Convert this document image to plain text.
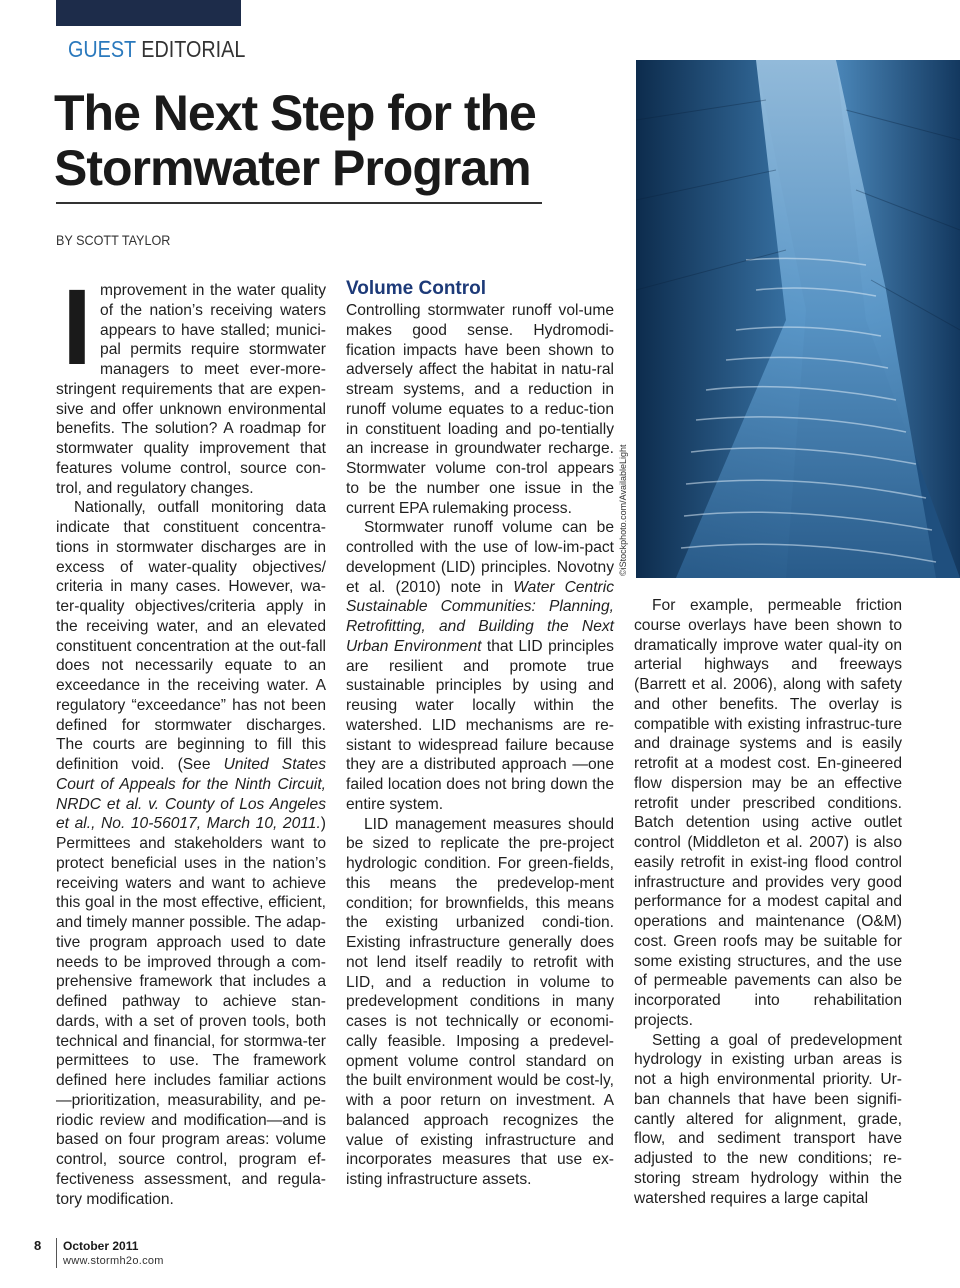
GUEST EDITORIAL
The Next Step for the
Stormwater Program
BY SCOTT TAYLOR

Improvement in the water quality of the nation’s receiving waters appears to have stalled; munici-pal permits require stormwater managers to meet ever-more-stringent requirements that are expen-sive and offer unknown environmental benefits. The solution? A roadmap for stormwater quality improvement that features volume control, source con-trol, and regulatory changes.

Nationally, outfall monitoring data indicate that constituent concentra-tions in stormwater discharges are in excess of water-quality objectives/ criteria in many cases. However, wa-ter-quality objectives/criteria apply in the receiving water, and an elevated constituent concentration at the out-fall does not necessarily equate to an exceedance in the receiving water. A regulatory “exceedance” has not been defined for stormwater discharges. The courts are beginning to fill this definition void. (See United States Court of Appeals for the Ninth Circuit, NRDC et al. v. County of Los Angeles et al., No. 10-56017, March 10, 2011.) Permittees and stakeholders want to protect beneficial uses in the nation’s receiving waters and want to achieve this goal in the most effective, efficient, and timely manner possible. The adap-tive program approach used to date needs to be improved through a com-prehensive framework that includes a defined pathway to achieve stan-dards, with a set of proven tools, both technical and financial, for stormwa-ter permittees to use. The framework defined here includes familiar actions —prioritization, measurability, and pe-riodic review and modification—and is based on four program areas: volume control, source control, program ef-fectiveness assessment, and regula-tory modification.

Volume Control

Controlling stormwater runoff vol-ume makes good sense. Hydromodi-fication impacts have been shown to adversely affect the habitat in natu-ral stream systems, and a reduction in runoff volume equates to a reduc-tion in constituent loading and po-tentially an increase in groundwater recharge. Stormwater volume con-trol appears to be the number one issue in the current EPA rulemaking process.

Stormwater runoff volume can be controlled with the use of low-im-pact development (LID) principles. Novotny et al. (2010) note in Water Centric Sustainable Communities: Planning, Retrofitting, and Building the Next Urban Environment that LID principles are resilient and promote true sustainable principles by using and reusing water locally within the watershed. LID mechanisms are re-sistant to widespread failure because they are a distributed approach —one failed location does not bring down the entire system.

LID management measures should be sized to replicate the pre-project hydrologic condition. For green-fields, this means the predevelop-ment condition; for brownfields, this means the existing urbanized condi-tion. Existing infrastructure generally does not lend itself readily to retrofit with LID, and a reduction in volume to predevelopment conditions in many cases is not technically or economi-cally feasible. Imposing a predevel-opment volume control standard on the built environment would be cost-ly, with a poor return on investment. A balanced approach recognizes the value of existing infrastructure and incorporates measures that use ex-isting infrastructure assets.

©iStockphoto.com/AvailableLight

For example, permeable friction course overlays have been shown to dramatically improve water qual-ity on arterial highways and freeways (Barrett et al. 2006), along with safety and other benefits. The overlay is compatible with existing infrastruc-ture and drainage systems and is easily retrofit at a modest cost. En-gineered flow dispersion may be an effective retrofit under prescribed conditions. Batch detention using active outlet control (Middleton et al. 2007) is also easily retrofit in exist-ing flood control infrastructure and provides very good performance for a modest capital and operations and maintenance (O&M) cost. Green roofs may be suitable for some existing structures, and the use of permeable pavements can also be incorporated into rehabilitation projects.

Setting a goal of predevelopment hydrology in existing urban areas is not a high environmental priority. Ur-ban channels that have been signifi-cantly altered for alignment, grade, flow, and sediment transport have adjusted to the new conditions; re-storing stream hydrology within the watershed requires a large capital

8 October 2011
www.stormh2o.com
